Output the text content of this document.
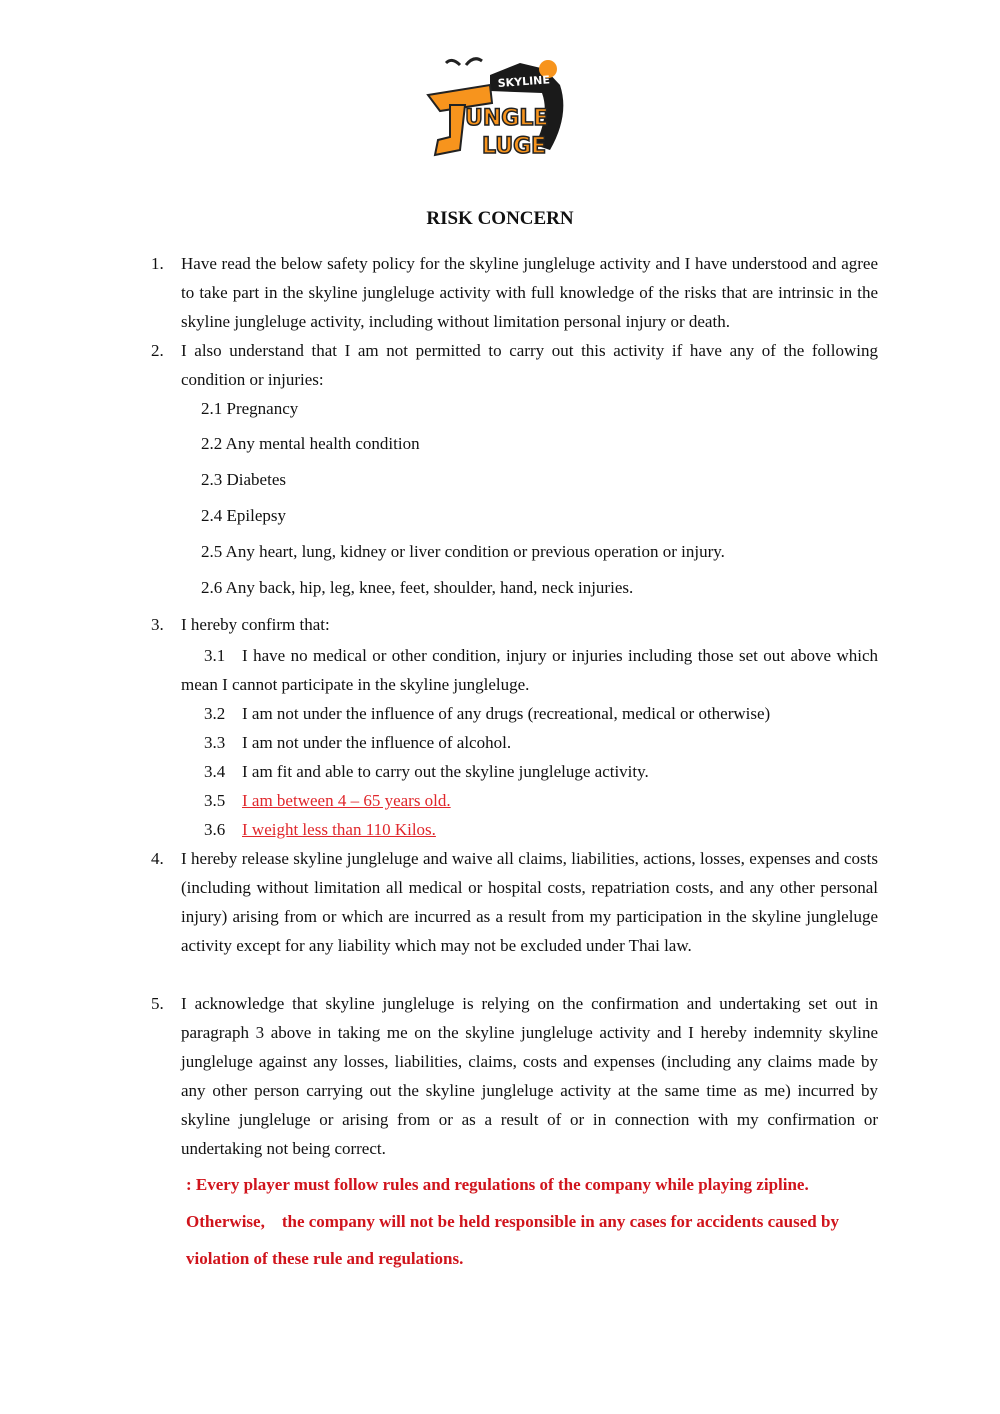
SKYLINE
UNGLE
LUGE
RISK CONCERN
1. Have read the below safety policy for the skyline jungleluge activity and I have understood and agree to take part in the skyline jungleluge activity with full knowledge of the risks that are intrinsic in the skyline jungleluge activity, including without limitation personal injury or death.
2. I also understand that I am not permitted to carry out this activity if have any of the following condition or injuries:
2.1 Pregnancy
2.2 Any mental health condition
2.3 Diabetes
2.4 Epilepsy
2.5 Any heart, lung, kidney or liver condition or previous operation or injury.
2.6 Any back, hip, leg, knee, feet, shoulder, hand, neck injuries.
3. I hereby confirm that:
3.1 I have no medical or other condition, injury or injuries including those set out above which mean I cannot participate in the skyline jungleluge.
3.2 I am not under the influence of any drugs (recreational, medical or otherwise)
3.3 I am not under the influence of alcohol.
3.4 I am fit and able to carry out the skyline jungleluge activity.
3.5 I am between 4 – 65 years old.
3.6 I weight less than 110 Kilos.
4. I hereby release skyline jungleluge and waive all claims, liabilities, actions, losses, expenses and costs (including without limitation all medical or hospital costs, repatriation costs, and any other personal injury) arising from or which are incurred as a result from my participation in the skyline jungleluge activity except for any liability which may not be excluded under Thai law.
5. I acknowledge that skyline jungleluge is relying on the confirmation and undertaking set out in paragraph 3 above in taking me on the skyline jungleluge activity and I hereby indemnity skyline jungleluge against any losses, liabilities, claims, costs and expenses (including any claims made by any other person carrying out the skyline jungleluge activity at the same time as me) incurred by skyline jungleluge or arising from or as a result of or in connection with my confirmation or undertaking not being correct.
: Every player must follow rules and regulations of the company while playing zipline.
Otherwise,    the company will not be held responsible in any cases for accidents caused by
violation of these rule and regulations.
